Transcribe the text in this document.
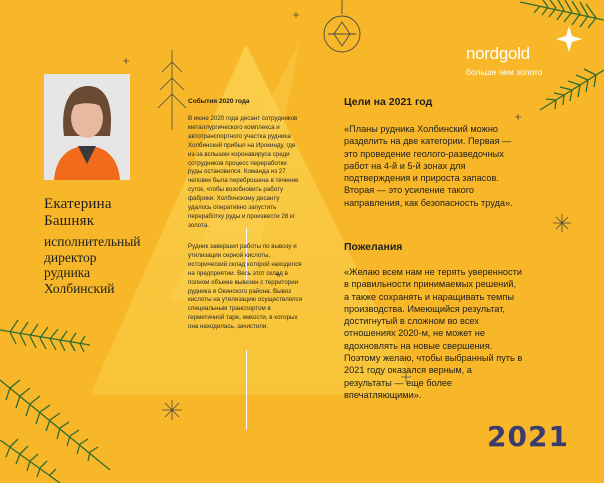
nordgold
больше чем золото
Екатерина
Башняк
исполнительный
директор
рудника
Холбинский
События 2020 года
В июне 2020 года десант сотрудников
металлургического комплекса и
автотранспортного участка рудника
Холбинский прибыл на Ирокинду, где
из-за вспышки коронавируса среди
сотрудников процесс переработки
руды остановился. Команда из 27
человек была переброшена в течение
суток, чтобы возобновить работу
фабрики. Холбинскому десанту
удалось оперативно запустить
переработку руды и произвести 28 кг
золота.
Рудник завершил работы по вывозу и
утилизации серной кислоты,
исторический склад которой находился
на предприятии. Весь этот склад в
полном объеме вывезен с территории
рудника и Окинского района. Вывоз
кислоты на утилизацию осуществлялся
специальным транспортом в
герметичной таре, емкости, в которых
она находилась, зачистили.
Цели на 2021 год
«Планы рудника Холбинский можно
разделить на две категории. Первая —
это проведение геолого-разведочных
работ на 4-й и 5-й зонах для
подтверждения и прироста запасов.
Вторая — это усиление такого
направления, как безопасность труда».
Пожелания
«Желаю всем нам не терять уверенности
в правильности принимаемых решений,
а также сохранять и наращивать темпы
производства. Имеющийся результат,
достигнутый в сложном во всех
отношениях 2020-м, не может не
вдохновлять на новые свершения.
Поэтому желаю, чтобы выбранный путь в
2021 году оказался верным, а
результаты — еще более
впечатляющими».
2021
